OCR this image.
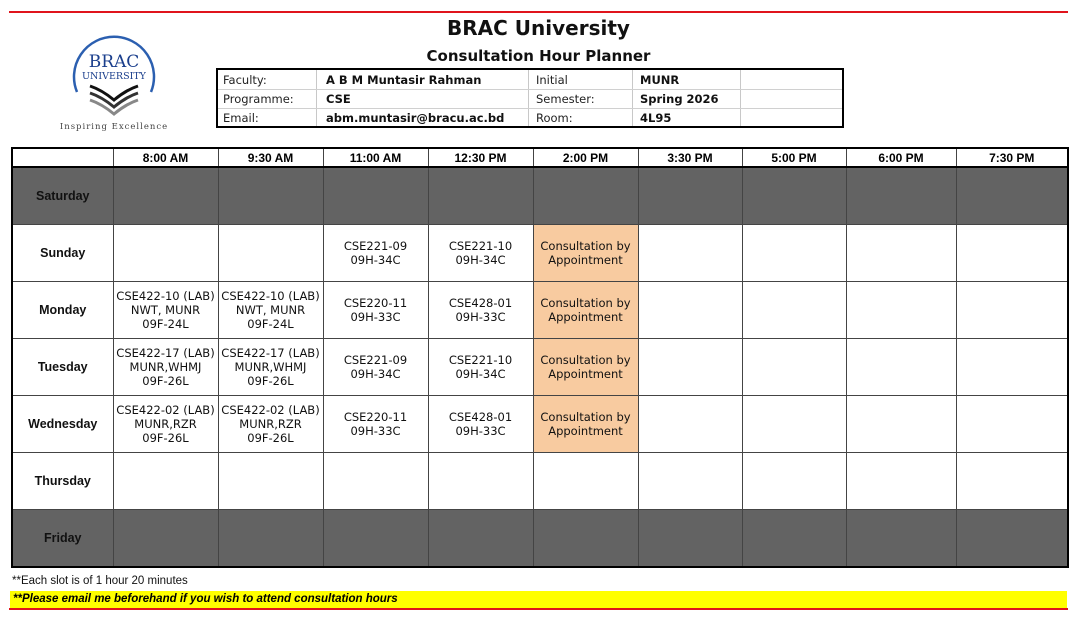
BRAC University
Consultation Hour Planner
BRAC
UNIVERSITY
Inspiring Excellence
Faculty:	A B M Muntasir Rahman	Initial	MUNR
Programme:	CSE	Semester:	Spring 2026
Email:	abm.muntasir@bracu.ac.bd	Room:	4L95
	8:00 AM	9:30 AM	11:00 AM	12:30 PM	2:00 PM	3:30 PM	5:00 PM	6:00 PM	7:30 PM
Saturday									
Sunday			CSE221-09
09H-34C	CSE221-10
09H-34C	Consultation by
Appointment				
Monday	CSE422-10 (LAB)
NWT, MUNR
09F-24L	CSE422-10 (LAB)
NWT, MUNR
09F-24L	CSE220-11
09H-33C	CSE428-01
09H-33C	Consultation by
Appointment				
Tuesday	CSE422-17 (LAB)
MUNR,WHMJ
09F-26L	CSE422-17 (LAB)
MUNR,WHMJ
09F-26L	CSE221-09
09H-34C	CSE221-10
09H-34C	Consultation by
Appointment				
Wednesday	CSE422-02 (LAB)
MUNR,RZR
09F-26L	CSE422-02 (LAB)
MUNR,RZR
09F-26L	CSE220-11
09H-33C	CSE428-01
09H-33C	Consultation by
Appointment				
Thursday									
Friday									
**Each slot is of 1 hour 20 minutes
**Please email me beforehand if you wish to attend consultation hours
